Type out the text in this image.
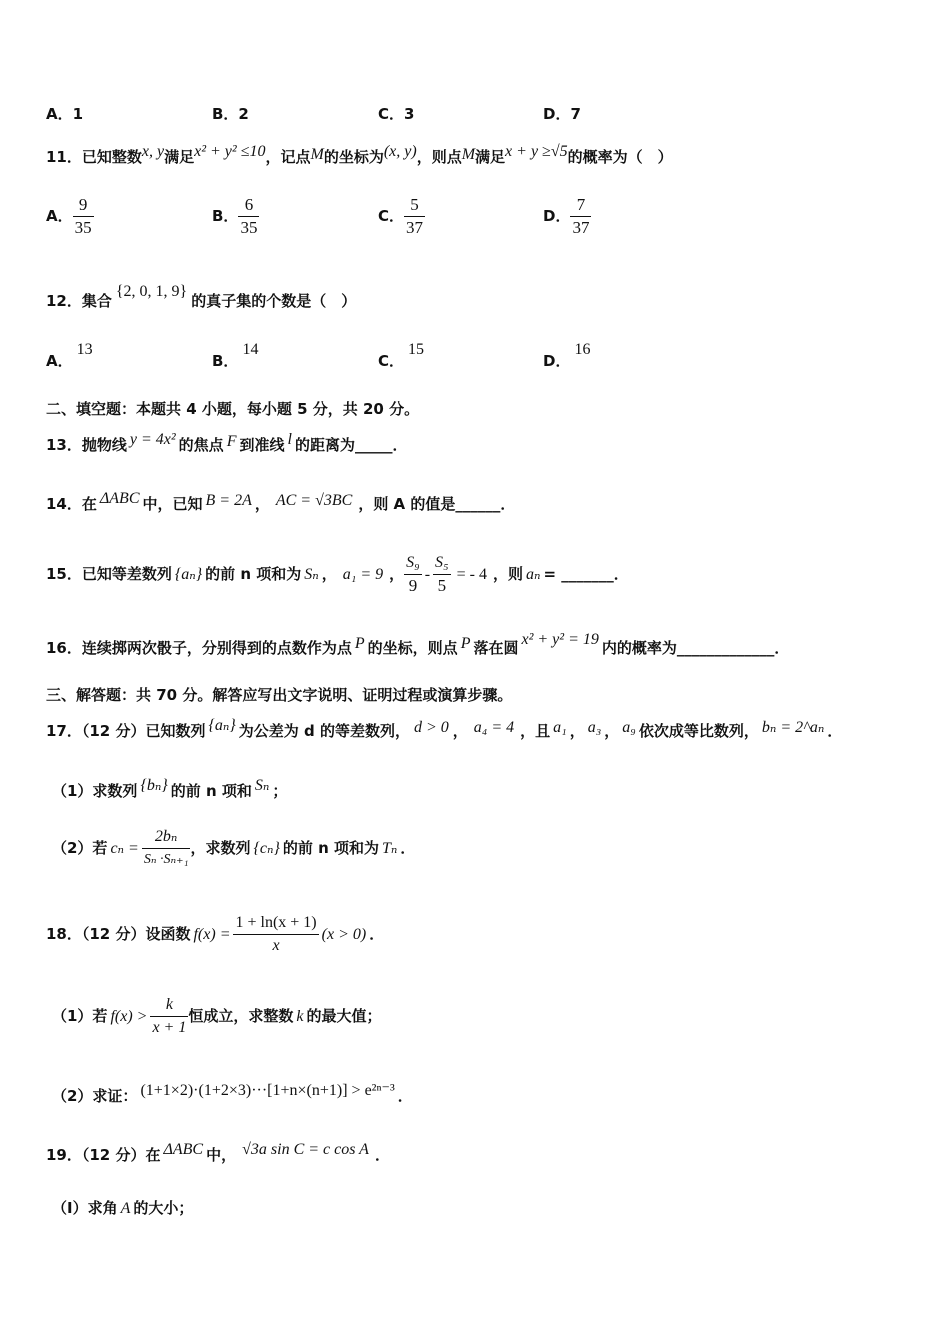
A．1	B．2	C．3	D．7
11．已知整数x, y满足x² + y² ≤10，记点M的坐标为(x, y)，则点M满足x + y ≥√5的概率为（　）
A． $\frac{9}{35}$	B． $\frac{6}{35}$	C． $\frac{5}{37}$	D． $\frac{7}{37}$
12．集合{2, 0, 1, 9}的真子集的个数是（　）
A．13
B．14
C．15
D．16
二、填空题：本题共 4 小题，每小题 5 分，共 20 分。
13．抛物线 y = 4x² 的焦点 F 到准线 l 的距离为_____．
14．在 ΔABC 中，已知 B = 2A ， AC = √3BC ，则 A 的值是______．
15．已知等差数列 {aₙ} 的前 n 项和为 Sₙ ， a₁ = 9 ， $\frac{\text{S₉}}{9} - \frac{\text{S₅}}{5}$ = - 4 ，则 aₙ = _______．
16．连续掷两次骰子，分别得到的点数作为点 P 的坐标，则点 P 落在圆 x² + y² = 19 内的概率为_____________．
三、解答题：共 70 分。解答应写出文字说明、证明过程或演算步骤。
17．（12 分）已知数列 {aₙ} 为公差为 d 的等差数列， d > 0 ， a₄ = 4 ，且 a₁ ， a₃ ， a₉ 依次成等比数列， bₙ = 2^aₙ ．
（1）求数列 {bₙ} 的前 n 项和 Sₙ ；
（2）若 $c_n = \frac{\text{2bₙ}}{\text{Sₙ ·Sₙ₊₁}}$ ，求数列 {cₙ} 的前 n 项和为 Tₙ ．
18．（12 分）设函数 $f(x) = \frac{1 + \ln(x + 1)}{x} (x > 0)$ ．
（1）若 $f(x) > \frac{k}{x + 1}$ 恒成立，求整数 k 的最大值；
（2）求证： (1+1×2)·(1+2×3)···[1+n×(n+1)] > e²ⁿ⁻³ ．
19．（12 分）在 ΔABC 中， √3a sin C = c cos A ．
（Ⅰ）求角 A 的大小；
